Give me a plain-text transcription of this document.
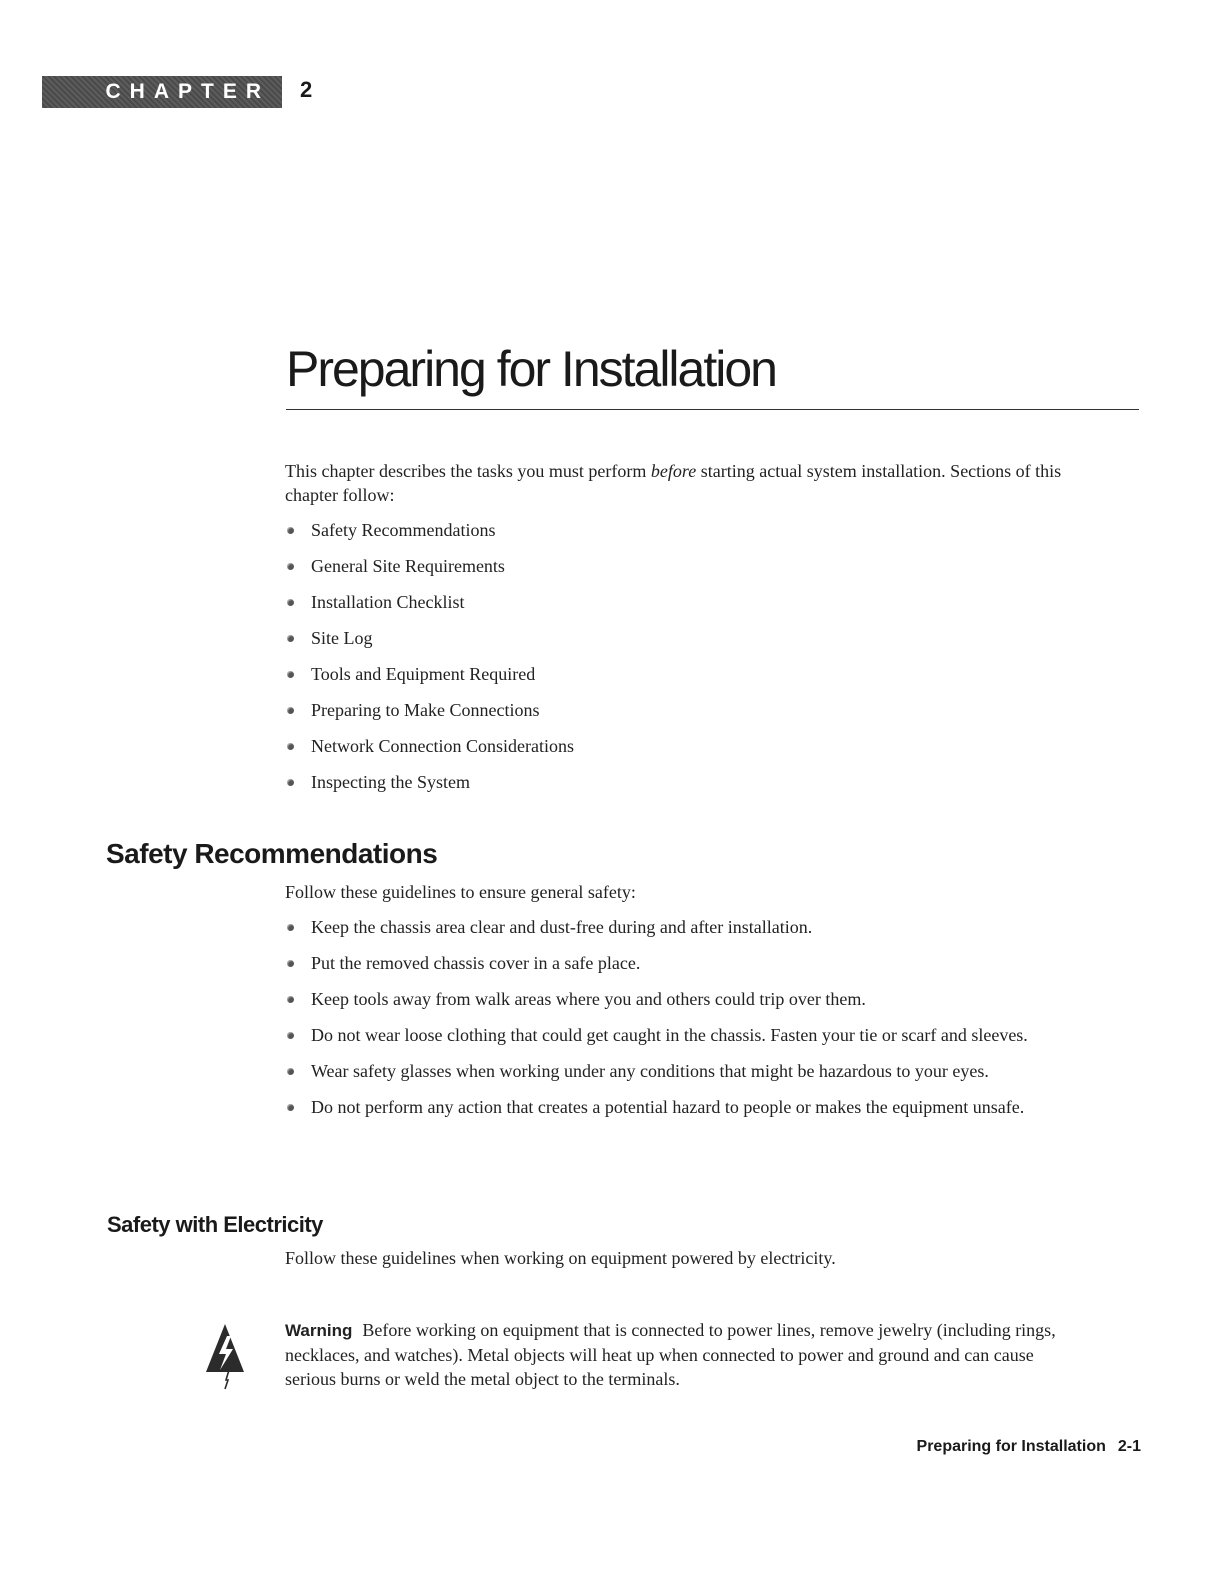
CHAPTER 2
Preparing for Installation

This chapter describes the tasks you must perform before starting actual system installation. Sections of this chapter follow:

Safety Recommendations
General Site Requirements
Installation Checklist
Site Log
Tools and Equipment Required
Preparing to Make Connections
Network Connection Considerations
Inspecting the System
Safety Recommendations

Follow these guidelines to ensure general safety:

Keep the chassis area clear and dust-free during and after installation.
Put the removed chassis cover in a safe place.
Keep tools away from walk areas where you and others could trip over them.
Do not wear loose clothing that could get caught in the chassis. Fasten your tie or scarf and sleeves.
Wear safety glasses when working under any conditions that might be hazardous to your eyes.
Do not perform any action that creates a potential hazard to people or makes the equipment unsafe.
Safety with Electricity

Follow these guidelines when working on equipment powered by electricity.

Warning Before working on equipment that is connected to power lines, remove jewelry (including rings, necklaces, and watches). Metal objects will heat up when connected to power and ground and can cause serious burns or weld the metal object to the terminals.

Preparing for Installation 2-1
